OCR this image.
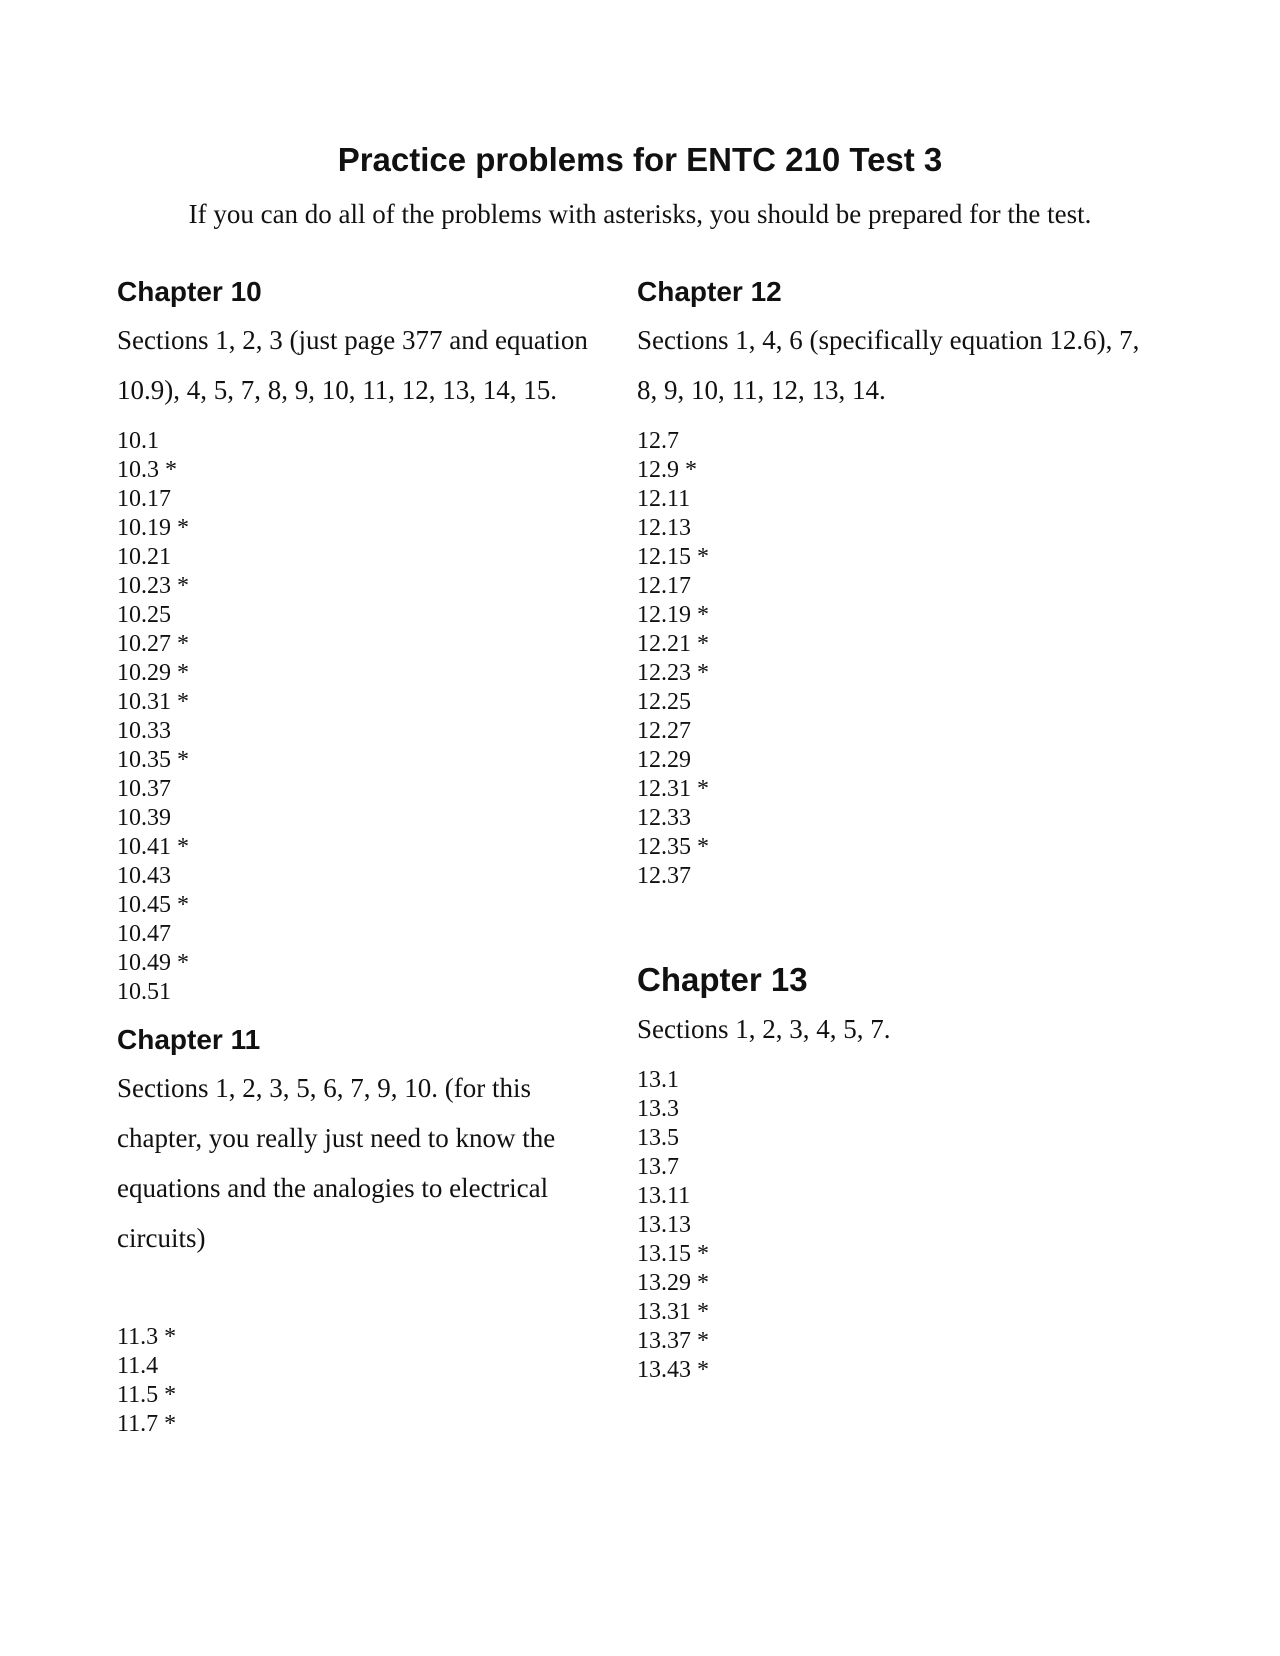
Practice problems for ENTC 210 Test 3
If you can do all of the problems with asterisks, you should be prepared for the test.
Chapter 10

Sections 1, 2, 3 (just page 377 and equation 10.9), 4, 5, 7, 8, 9, 10, 11, 12, 13, 14, 15.

10.1
10.3 *
10.17
10.19 *
10.21
10.23 *
10.25
10.27 *
10.29 *
10.31 *
10.33
10.35 *
10.37
10.39
10.41 *
10.43
10.45 *
10.47
10.49 *
10.51
Chapter 11

Sections 1, 2, 3, 5, 6, 7, 9, 10. (for this chapter, you really just need to know the equations and the analogies to electrical circuits)

11.3 *
11.4
11.5 *
11.7 *
Chapter 12

Sections 1, 4, 6 (specifically equation 12.6), 7, 8, 9, 10, 11, 12, 13, 14.

12.7
12.9 *
12.11
12.13
12.15 *
12.17
12.19 *
12.21 *
12.23 *
12.25
12.27
12.29
12.31 *
12.33
12.35 *
12.37
Chapter 13

Sections 1, 2, 3, 4, 5, 7.

13.1
13.3
13.5
13.7
13.11
13.13
13.15 *
13.29 *
13.31 *
13.37 *
13.43 *
